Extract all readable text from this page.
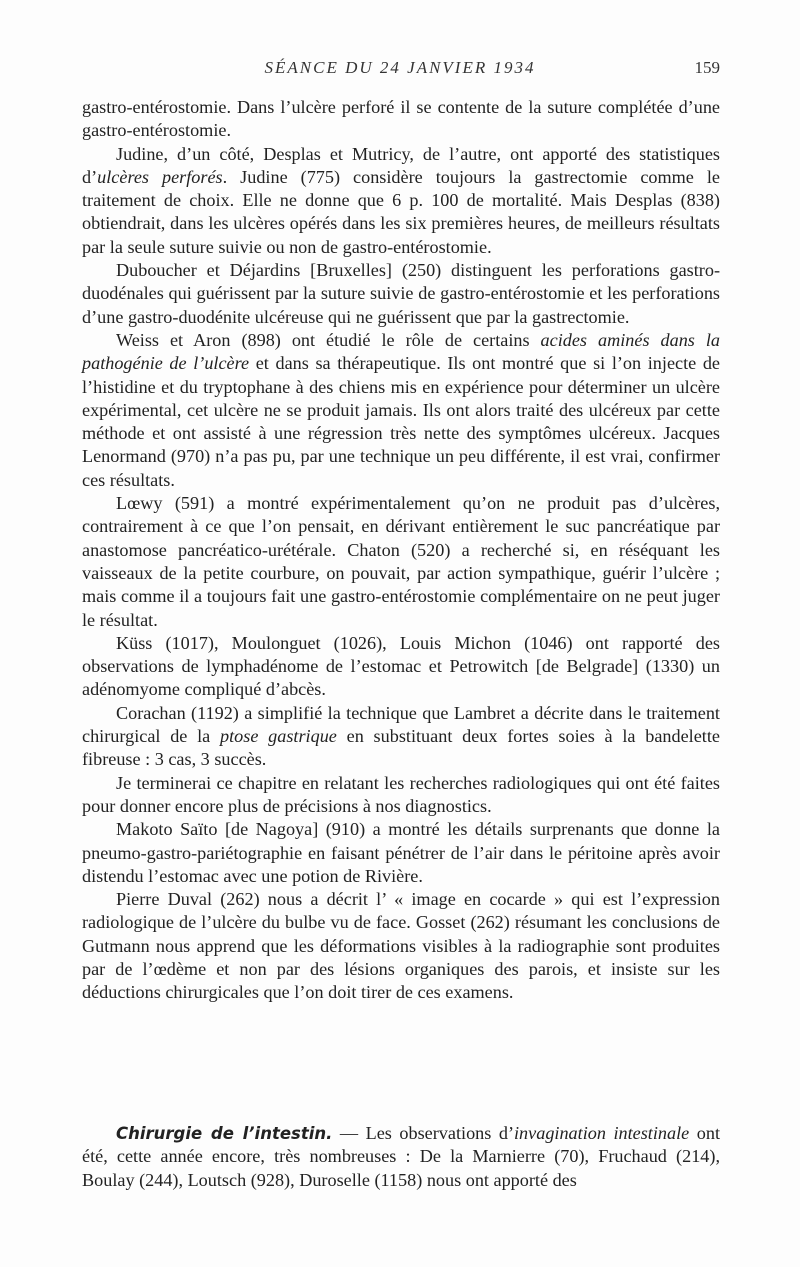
SÉANCE DU 24 JANVIER 1934	159

gastro-entérostomie. Dans l’ulcère perforé il se contente de la suture complétée d’une gastro-entérostomie.

Judine, d’un côté, Desplas et Mutricy, de l’autre, ont apporté des statistiques d’ulcères perforés. Judine (775) considère toujours la gastrectomie comme le traitement de choix. Elle ne donne que 6 p. 100 de mortalité. Mais Desplas (838) obtiendrait, dans les ulcères opérés dans les six premières heures, de meilleurs résultats par la seule suture suivie ou non de gastro-entérostomie.

Duboucher et Déjardins [Bruxelles] (250) distinguent les perforations gastro-duodénales qui guérissent par la suture suivie de gastro-entérostomie et les perforations d’une gastro-duodénite ulcéreuse qui ne guérissent que par la gastrectomie.

Weiss et Aron (898) ont étudié le rôle de certains acides aminés dans la pathogénie de l’ulcère et dans sa thérapeutique. Ils ont montré que si l’on injecte de l’histidine et du tryptophane à des chiens mis en expérience pour déterminer un ulcère expérimental, cet ulcère ne se produit jamais. Ils ont alors traité des ulcéreux par cette méthode et ont assisté à une régression très nette des symptômes ulcéreux. Jacques Lenormand (970) n’a pas pu, par une technique un peu différente, il est vrai, confirmer ces résultats.

Lœwy (591) a montré expérimentalement qu’on ne produit pas d’ulcères, contrairement à ce que l’on pensait, en dérivant entièrement le suc pancréatique par anastomose pancréatico-urétérale. Chaton (520) a recherché si, en réséquant les vaisseaux de la petite courbure, on pouvait, par action sympathique, guérir l’ulcère ; mais comme il a toujours fait une gastro-entérostomie complémentaire on ne peut juger le résultat.

Küss (1017), Moulonguet (1026), Louis Michon (1046) ont rapporté des observations de lymphadénome de l’estomac et Petrowitch [de Belgrade] (1330) un adénomyome compliqué d’abcès.

Corachan (1192) a simplifié la technique que Lambret a décrite dans le traitement chirurgical de la ptose gastrique en substituant deux fortes soies à la bandelette fibreuse : 3 cas, 3 succès.

Je terminerai ce chapitre en relatant les recherches radiologiques qui ont été faites pour donner encore plus de précisions à nos diagnostics.

Makoto Saïto [de Nagoya] (910) a montré les détails surprenants que donne la pneumo-gastro-pariétographie en faisant pénétrer de l’air dans le péritoine après avoir distendu l’estomac avec une potion de Rivière.

Pierre Duval (262) nous a décrit l’ « image en cocarde » qui est l’expression radiologique de l’ulcère du bulbe vu de face. Gosset (262) résumant les conclusions de Gutmann nous apprend que les déformations visibles à la radiographie sont produites par de l’œdème et non par des lésions organiques des parois, et insiste sur les déductions chirurgicales que l’on doit tirer de ces examens.

Chirurgie de l’intestin. — Les observations d’invagination intestinale ont été, cette année encore, très nombreuses : De la Marnierre (70), Fruchaud (214), Boulay (244), Loutsch (928), Duroselle (1158) nous ont apporté des
